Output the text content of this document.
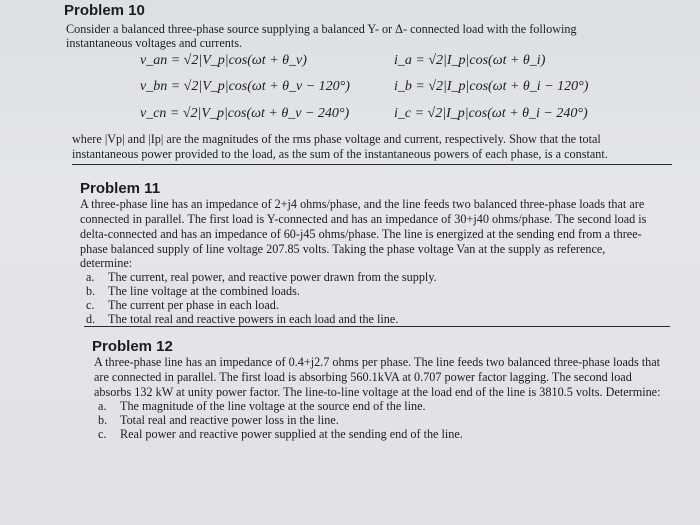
Problem 10
Consider a balanced three-phase source supplying a balanced Y- or Δ- connected load with the following
instantaneous voltages and currents.
v_an = √2|V_p|cos(ωt + θ_v)
v_bn = √2|V_p|cos(ωt + θ_v − 120°)
v_cn = √2|V_p|cos(ωt + θ_v − 240°)
i_a = √2|I_p|cos(ωt + θ_i)
i_b = √2|I_p|cos(ωt + θ_i − 120°)
i_c = √2|I_p|cos(ωt + θ_i − 240°)
where |Vp| and |Ip| are the magnitudes of the rms phase voltage and current, respectively. Show that the total
instantaneous power provided to the load, as the sum of the instantaneous powers of each phase, is a constant.
Problem 11
A three-phase line has an impedance of 2+j4 ohms/phase, and the line feeds two balanced three-phase loads that are
connected in parallel. The first load is Y-connected and has an impedance of 30+j40 ohms/phase. The second load is
delta-connected and has an impedance of 60-j45 ohms/phase. The line is energized at the sending end from a three-
phase balanced supply of line voltage 207.85 volts. Taking the phase voltage Van at the supply as reference,
determine:
a. The current, real power, and reactive power drawn from the supply.
b. The line voltage at the combined loads.
c. The current per phase in each load.
d. The total real and reactive powers in each load and the line.
Problem 12
A three-phase line has an impedance of 0.4+j2.7 ohms per phase. The line feeds two balanced three-phase loads that
are connected in parallel. The first load is absorbing 560.1kVA at 0.707 power factor lagging. The second load
absorbs 132 kW at unity power factor. The line-to-line voltage at the load end of the line is 3810.5 volts. Determine:
a. The magnitude of the line voltage at the source end of the line.
b. Total real and reactive power loss in the line.
c. Real power and reactive power supplied at the sending end of the line.
